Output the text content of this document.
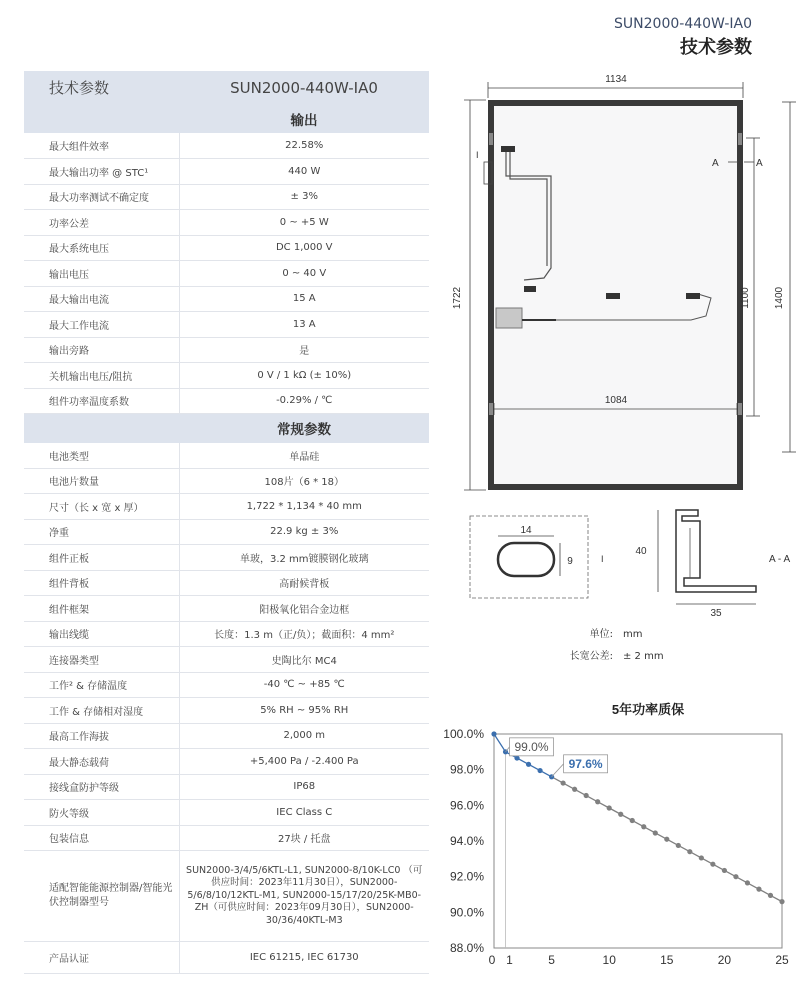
SUN2000-440W-IA0
技术参数
技术参数	SUN2000-440W-IA0
	输出
最大组件效率	22.58%
最大输出功率 @ STC¹	440 W
最大功率测试不确定度	± 3%
功率公差	0 ~ +5 W
最大系统电压	DC 1,000 V
输出电压	0 ~ 40 V
最大输出电流	15 A
最大工作电流	13 A
输出旁路	是
关机输出电压/阻抗	0 V / 1 kΩ (± 10%)
组件功率温度系数	-0.29% / ℃
	常规参数
电池类型	单晶硅
电池片数量	108片（6 * 18）
尺寸（长 x 宽 x 厚）	1,722 * 1,134 * 40 mm
净重	22.9 kg ± 3%
组件正板	单玻，3.2 mm镀膜钢化玻璃
组件背板	高耐候背板
组件框架	阳极氧化铝合金边框
输出线缆	长度：1.3 m（正/负）；截面积：4 mm²
连接器类型	史陶比尔 MC4
工作² & 存储温度	-40 ℃ ~ +85 ℃
工作 & 存储相对湿度	5% RH ~ 95% RH
最高工作海拔	2,000 m
最大静态载荷	+5,400 Pa / -2.400 Pa
接线盒防护等级	IP68
防火等级	IEC Class C
包装信息	27块 / 托盘
适配智能能源控制器/智能光伏控制器型号	SUN2000-3/4/5/6KTL-L1, SUN2000-8/10K-LC0 （可供应时间：2023年11月30日），SUN2000-5/6/8/10/12KTL-M1, SUN2000-15/17/20/25K-MB0-ZH（可供应时间：2023年09月30日），SUN2000-30/36/40KTL-M3
产品认证	IEC 61215, IEC 61730
1134
1722	1100 1400
1084
A	A
I
14
9	I
40
35
A - A
单位: mm
长宽公差: ± 2 mm
5年功率质保
100.0%
98.0%
96.0%
94.0%
92.0%
90.0%
88.0%
0 1	5	10	15	20	25
99.0%
97.6%
